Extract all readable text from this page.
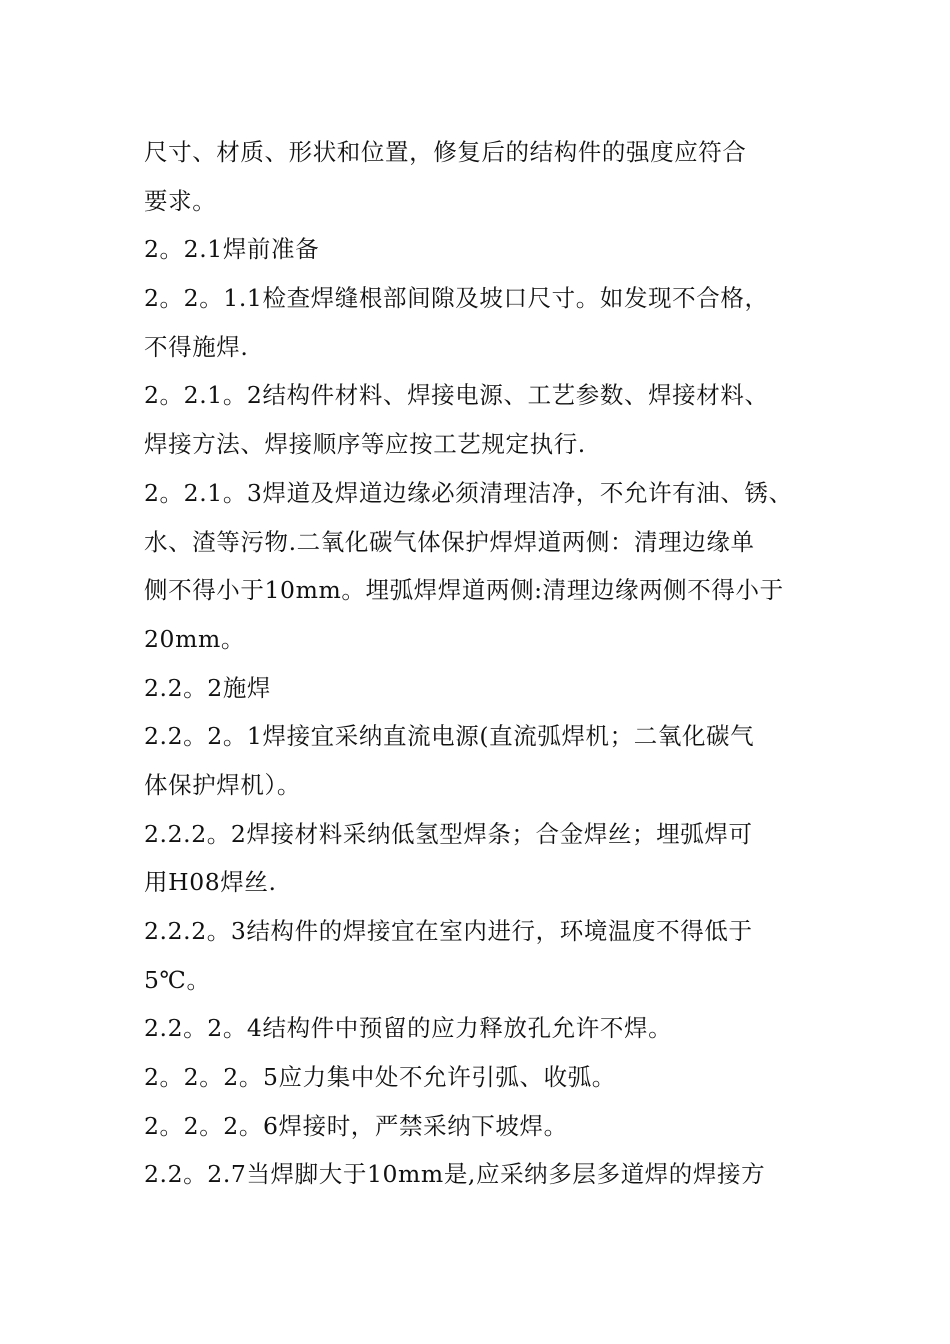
尺寸、材质、形状和位置，修复后的结构件的强度应符合
要求。
2。2.1焊前准备
2。2。1.1检查焊缝根部间隙及坡口尺寸。如发现不合格，
不得施焊.
2。2.1。2结构件材料、焊接电源、工艺参数、焊接材料、
焊接方法、焊接顺序等应按工艺规定执行.
2。2.1。3焊道及焊道边缘必须清理洁净，不允许有油、锈、
水、渣等污物.二氧化碳气体保护焊焊道两侧：清理边缘单
侧不得小于10mm。埋弧焊焊道两侧:清理边缘两侧不得小于
20mm。
2.2。2施焊
2.2。2。1焊接宜采纳直流电源(直流弧焊机；二氧化碳气
体保护焊机）。
2.2.2。2焊接材料采纳低氢型焊条；合金焊丝；埋弧焊可
用H08焊丝.
2.2.2。3结构件的焊接宜在室内进行，环境温度不得低于
5℃。
2.2。2。4结构件中预留的应力释放孔允许不焊。
2。2。2。5应力集中处不允许引弧、收弧。
2。2。2。6焊接时，严禁采纳下坡焊。
2.2。2.7当焊脚大于10mm是,应采纳多层多道焊的焊接方
